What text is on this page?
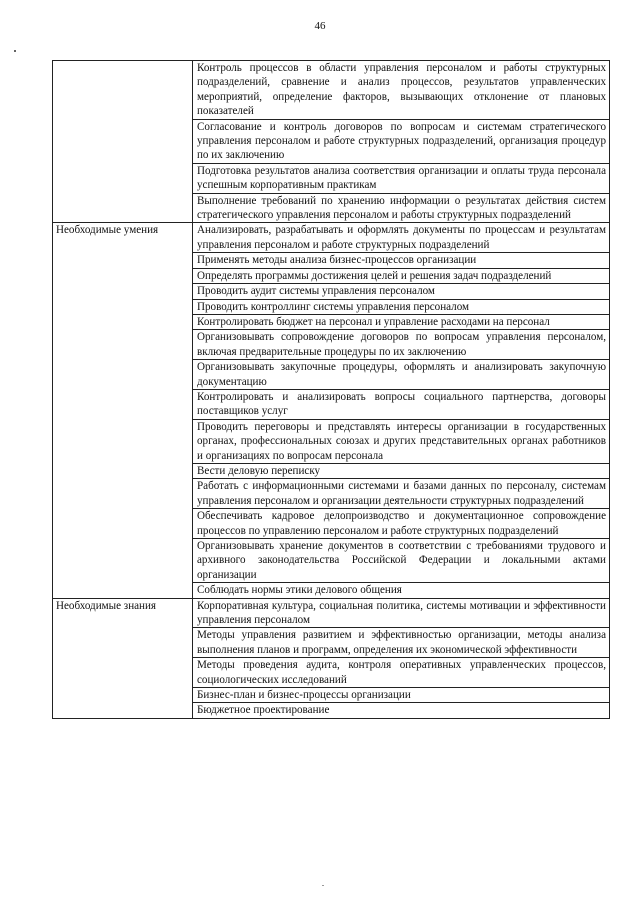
46
	Контроль процессов в области управления персоналом и работы структурных подразделений, сравнение и анализ процессов, результатов управленческих мероприятий, определение факторов, вызывающих отклонение от плановых показателей
	Согласование и контроль договоров по вопросам и системам стратегического управления персоналом и работе структурных подразделений, организация процедур по их заключению
	Подготовка результатов анализа соответствия организации и оплаты труда персонала успешным корпоративным практикам
	Выполнение требований по хранению информации о результатах действия систем стратегического управления персоналом и работы структурных подразделений
Необходимые умения	Анализировать, разрабатывать и оформлять документы по процессам и результатам управления персоналом и работе структурных подразделений
	Применять методы анализа бизнес-процессов организации
	Определять программы достижения целей и решения задач подразделений
	Проводить аудит системы управления персоналом
	Проводить контроллинг системы управления персоналом
	Контролировать бюджет на персонал и управление расходами на персонал
	Организовывать сопровождение договоров по вопросам управления персоналом, включая предварительные процедуры по их заключению
	Организовывать закупочные процедуры, оформлять и анализировать закупочную документацию
	Контролировать и анализировать вопросы социального партнерства, договоры поставщиков услуг
	Проводить переговоры и представлять интересы организации в государственных органах, профессиональных союзах и других представительных органах работников и организациях по вопросам персонала
	Вести деловую переписку
	Работать с информационными системами и базами данных по персоналу, системам управления персоналом и организации деятельности структурных подразделений
	Обеспечивать кадровое делопроизводство и документационное сопровождение процессов по управлению персоналом и работе структурных подразделений
	Организовывать хранение документов в соответствии с требованиями трудового и архивного законодательства Российской Федерации и локальными актами организации
	Соблюдать нормы этики делового общения
Необходимые знания	Корпоративная культура, социальная политика, системы мотивации и эффективности управления персоналом
	Методы управления развитием и эффективностью организации, методы анализа выполнения планов и программ, определения их экономической эффективности
	Методы проведения аудита, контроля оперативных управленческих процессов, социологических исследований
	Бизнес-план и бизнес-процессы организации
	Бюджетное проектирование
